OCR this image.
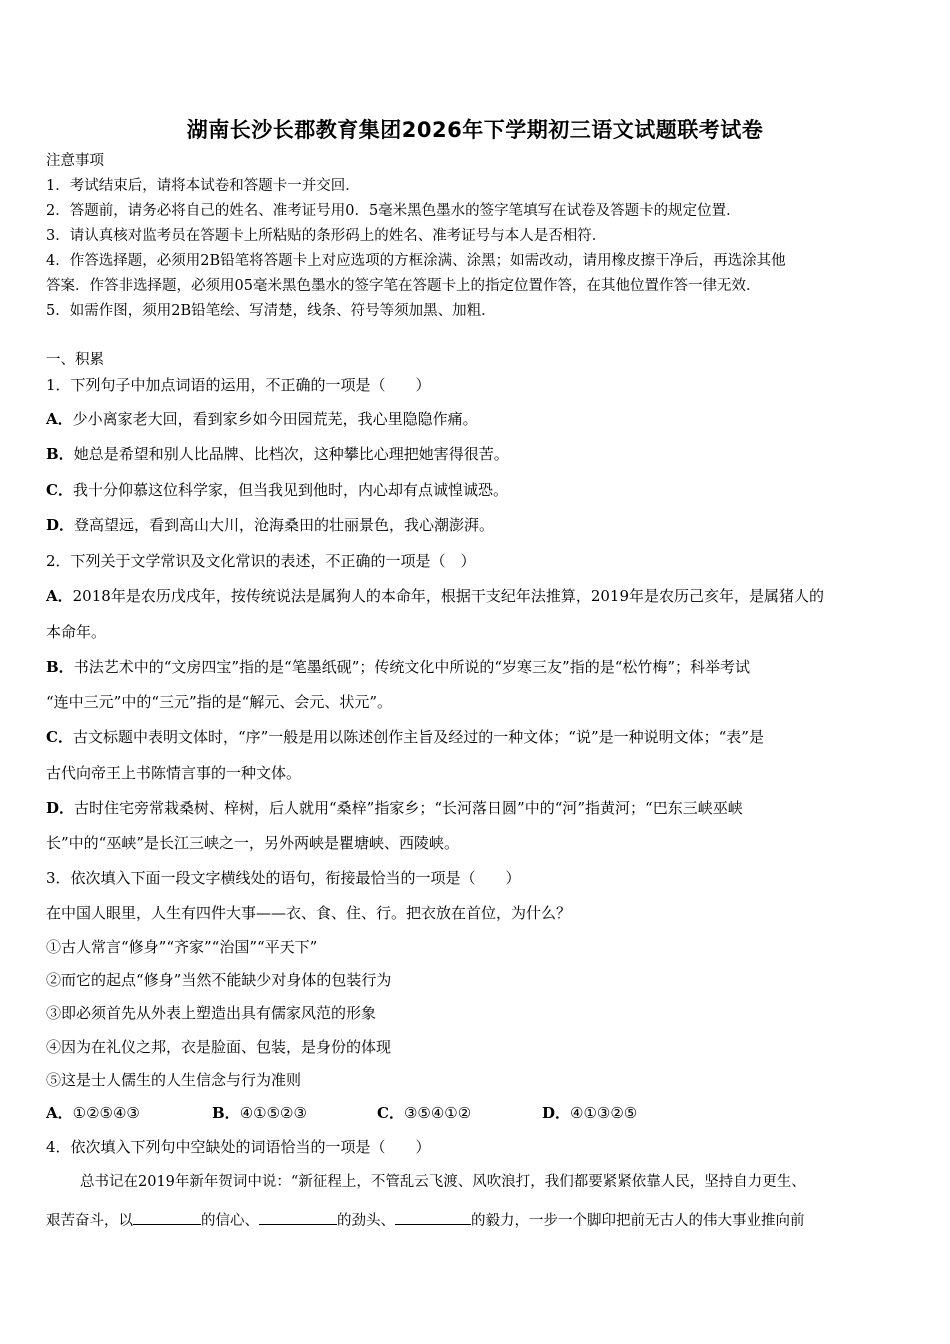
湖南长沙长郡教育集团2026年下学期初三语文试题联考试卷
注意事项
1．考试结束后，请将本试卷和答题卡一并交回．
2．答题前，请务必将自己的姓名、准考证号用0．5毫米黑色墨水的签字笔填写在试卷及答题卡的规定位置．
3．请认真核对监考员在答题卡上所粘贴的条形码上的姓名、准考证号与本人是否相符．
4．作答选择题，必须用2B铅笔将答题卡上对应选项的方框涂满、涂黑；如需改动，请用橡皮擦干净后，再选涂其他
答案．作答非选择题，必须用05毫米黑色墨水的签字笔在答题卡上的指定位置作答，在其他位置作答一律无效．
5．如需作图，须用2B铅笔绘、写清楚，线条、符号等须加黑、加粗．
一、积累
1．下列句子中加点词语的运用，不正确的一项是（　　）
A．少小离家老大回，看到家乡如今田园荒芜，我心里隐隐作痛。
B．她总是希望和别人比品牌、比档次，这种攀比心理把她害得很苦。
C．我十分仰慕这位科学家，但当我见到他时，内心却有点诚惶诚恐。
D．登高望远，看到高山大川，沧海桑田的壮丽景色，我心潮澎湃。
2．下列关于文学常识及文化常识的表述，不正确的一项是（　）
A．2018年是农历戊戌年，按传统说法是属狗人的本命年，根据干支纪年法推算，2019年是农历己亥年，是属猪人的
本命年。
B．书法艺术中的“文房四宝”指的是“笔墨纸砚”；传统文化中所说的“岁寒三友”指的是“松竹梅”；科举考试
“连中三元”中的“三元”指的是“解元、会元、状元”。
C．古文标题中表明文体时，“序”一般是用以陈述创作主旨及经过的一种文体；“说”是一种说明文体；“表”是
古代向帝王上书陈情言事的一种文体。
D．古时住宅旁常栽桑树、梓树，后人就用“桑梓”指家乡；“长河落日圆”中的“河”指黄河；“巴东三峡巫峡
长”中的“巫峡”是长江三峡之一，另外两峡是瞿塘峡、西陵峡。
3．依次填入下面一段文字横线处的语句，衔接最恰当的一项是（　　）
在中国人眼里，人生有四件大事——衣、食、住、行。把衣放在首位，为什么？
①古人常言“修身”“齐家”“治国”“平天下”
②而它的起点“修身”当然不能缺少对身体的包装行为
③即必须首先从外表上塑造出具有儒家风范的形象
④因为在礼仪之邦，衣是脸面、包装，是身份的体现
⑤这是士人儒生的人生信念与行为准则
A．①②⑤④③	B．④①⑤②③	C．③⑤④①②	D．④①③②⑤
4．依次填入下列句中空缺处的词语恰当的一项是（　　）
总书记在2019年新年贺词中说：“新征程上，不管乱云飞渡、风吹浪打，我们都要紧紧依靠人民，坚持自力更生、
艰苦奋斗，以	的信心、	的劲头、	的毅力，一步一个脚印把前无古人的伟大事业推向前
